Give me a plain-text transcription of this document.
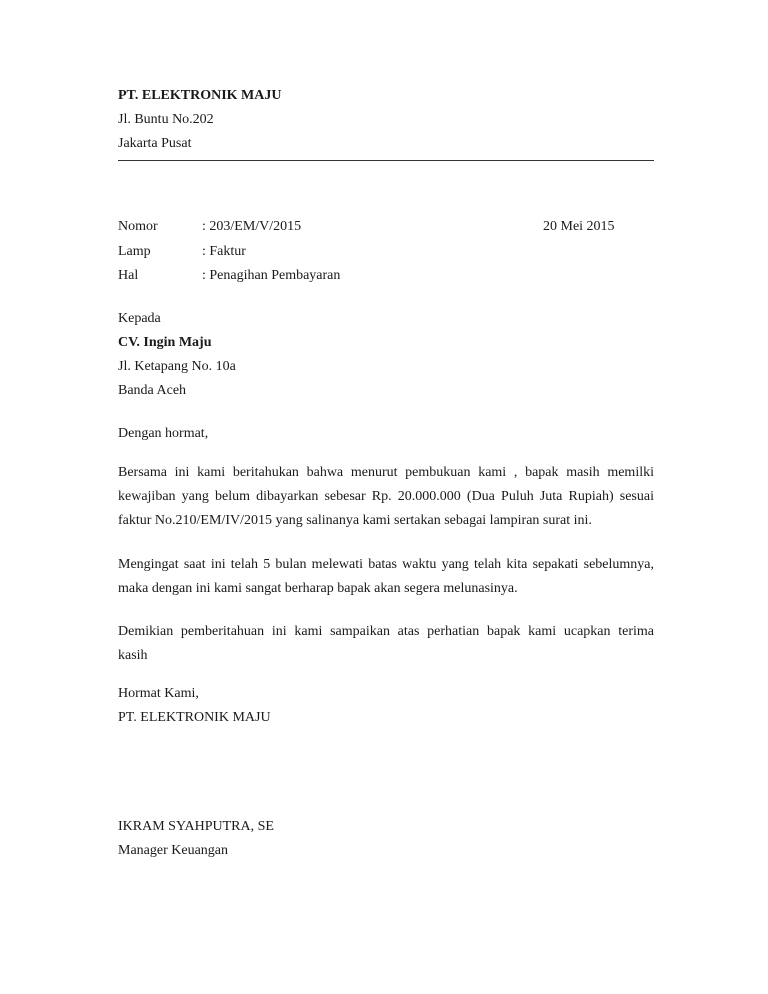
PT. ELEKTRONIK MAJU
Jl. Buntu No.202
Jakarta Pusat
Nomor	: 203/EM/V/2015	20 Mei 2015
Lamp	: Faktur
Hal	: Penagihan Pembayaran
Kepada
CV. Ingin Maju
Jl. Ketapang No. 10a
Banda Aceh
Dengan hormat,
Bersama ini kami beritahukan bahwa menurut pembukuan kami , bapak masih memilki
kewajiban yang belum dibayarkan sebesar Rp. 20.000.000 (Dua Puluh Juta Rupiah) sesuai
faktur No.210/EM/IV/2015 yang salinanya kami sertakan sebagai lampiran surat ini.
Mengingat saat ini telah 5 bulan melewati batas waktu yang telah kita sepakati sebelumnya,
maka dengan ini kami sangat berharap bapak akan segera melunasinya.
Demikian pemberitahuan ini kami sampaikan atas perhatian bapak kami ucapkan terima
kasih
Hormat Kami,
PT. ELEKTRONIK MAJU
IKRAM SYAHPUTRA, SE
Manager Keuangan
